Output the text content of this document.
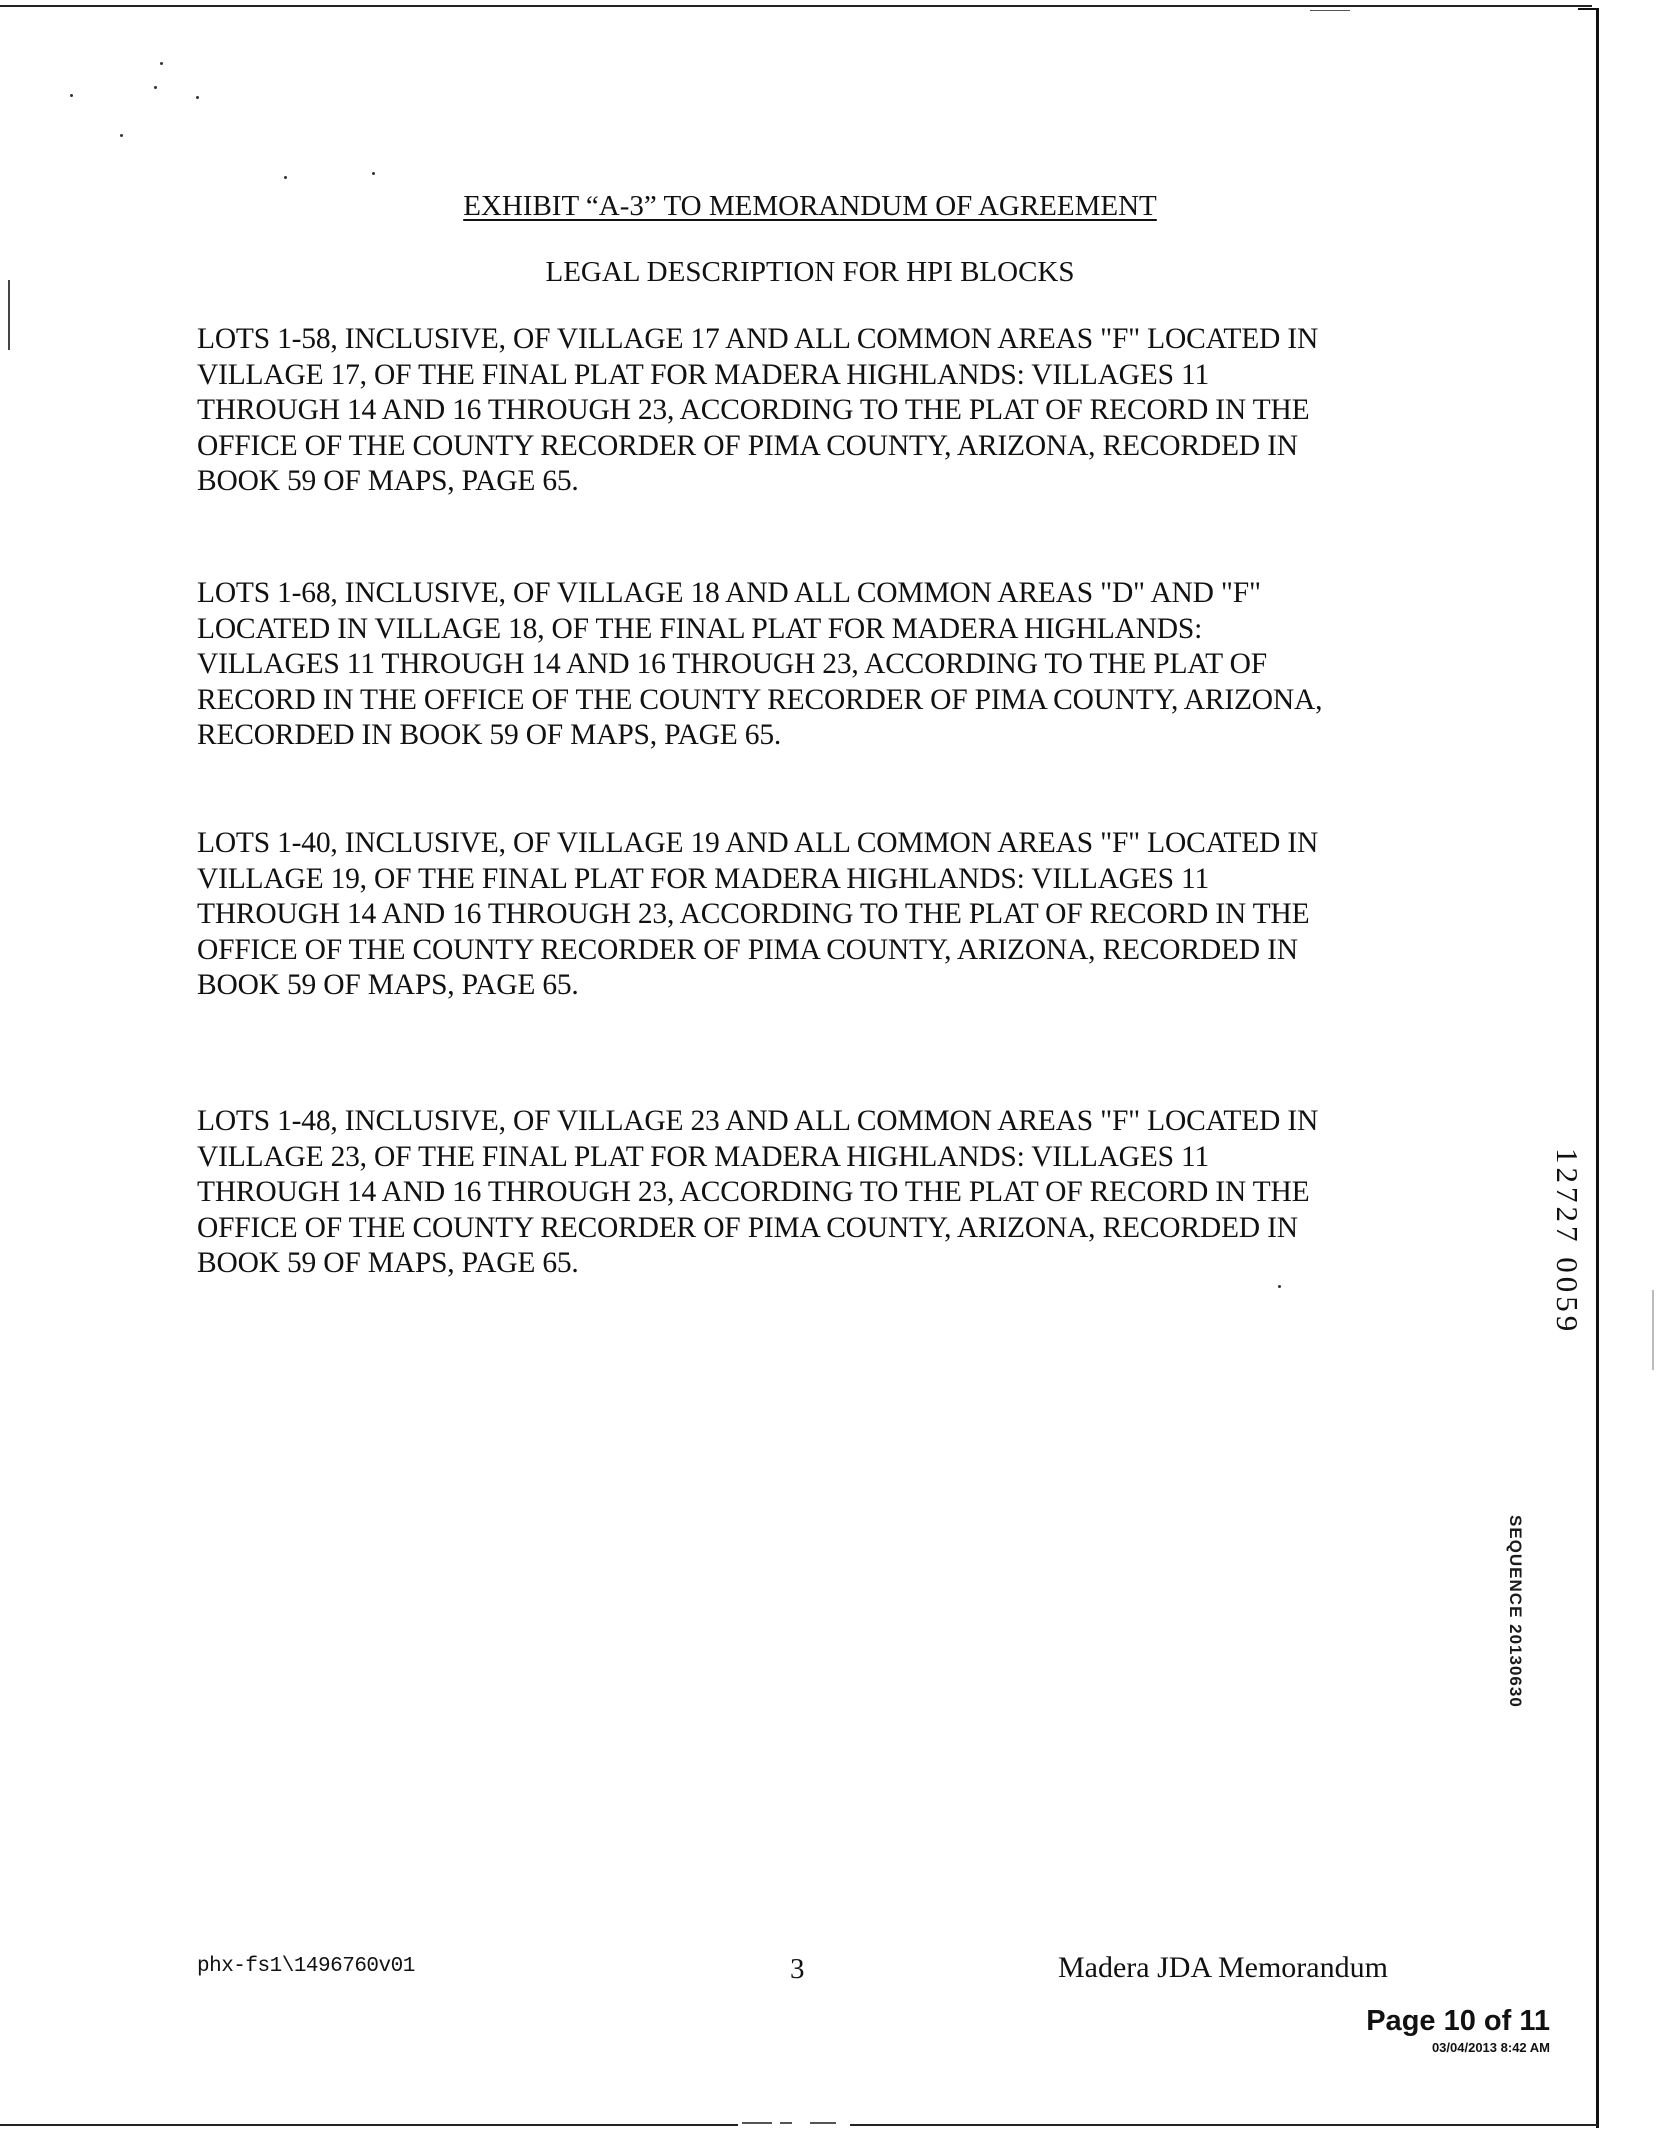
EXHIBIT “A-3” TO MEMORANDUM OF AGREEMENT
LEGAL DESCRIPTION FOR HPI BLOCKS
LOTS 1-58, INCLUSIVE, OF VILLAGE 17 AND ALL COMMON AREAS "F" LOCATED IN
VILLAGE 17, OF THE FINAL PLAT FOR MADERA HIGHLANDS: VILLAGES 11
THROUGH 14 AND 16 THROUGH 23, ACCORDING TO THE PLAT OF RECORD IN THE
OFFICE OF THE COUNTY RECORDER OF PIMA COUNTY, ARIZONA, RECORDED IN
BOOK 59 OF MAPS, PAGE 65.
LOTS 1-68, INCLUSIVE, OF VILLAGE 18 AND ALL COMMON AREAS "D" AND "F"
LOCATED IN VILLAGE 18, OF THE FINAL PLAT FOR MADERA HIGHLANDS:
VILLAGES 11 THROUGH 14 AND 16 THROUGH 23, ACCORDING TO THE PLAT OF
RECORD IN THE OFFICE OF THE COUNTY RECORDER OF PIMA COUNTY, ARIZONA,
RECORDED IN BOOK 59 OF MAPS, PAGE 65.
LOTS 1-40, INCLUSIVE, OF VILLAGE 19 AND ALL COMMON AREAS "F" LOCATED IN
VILLAGE 19, OF THE FINAL PLAT FOR MADERA HIGHLANDS: VILLAGES 11
THROUGH 14 AND 16 THROUGH 23, ACCORDING TO THE PLAT OF RECORD IN THE
OFFICE OF THE COUNTY RECORDER OF PIMA COUNTY, ARIZONA, RECORDED IN
BOOK 59 OF MAPS, PAGE 65.
LOTS 1-48, INCLUSIVE, OF VILLAGE 23 AND ALL COMMON AREAS "F" LOCATED IN
VILLAGE 23, OF THE FINAL PLAT FOR MADERA HIGHLANDS: VILLAGES 11
THROUGH 14 AND 16 THROUGH 23, ACCORDING TO THE PLAT OF RECORD IN THE
OFFICE OF THE COUNTY RECORDER OF PIMA COUNTY, ARIZONA, RECORDED IN
BOOK 59 OF MAPS, PAGE 65.	12727 0059
SEQUENCE 20130630
phx-fs1\1496760v01	3	Madera JDA Memorandum
Page 10 of 11
03/04/2013 8:42 AM
